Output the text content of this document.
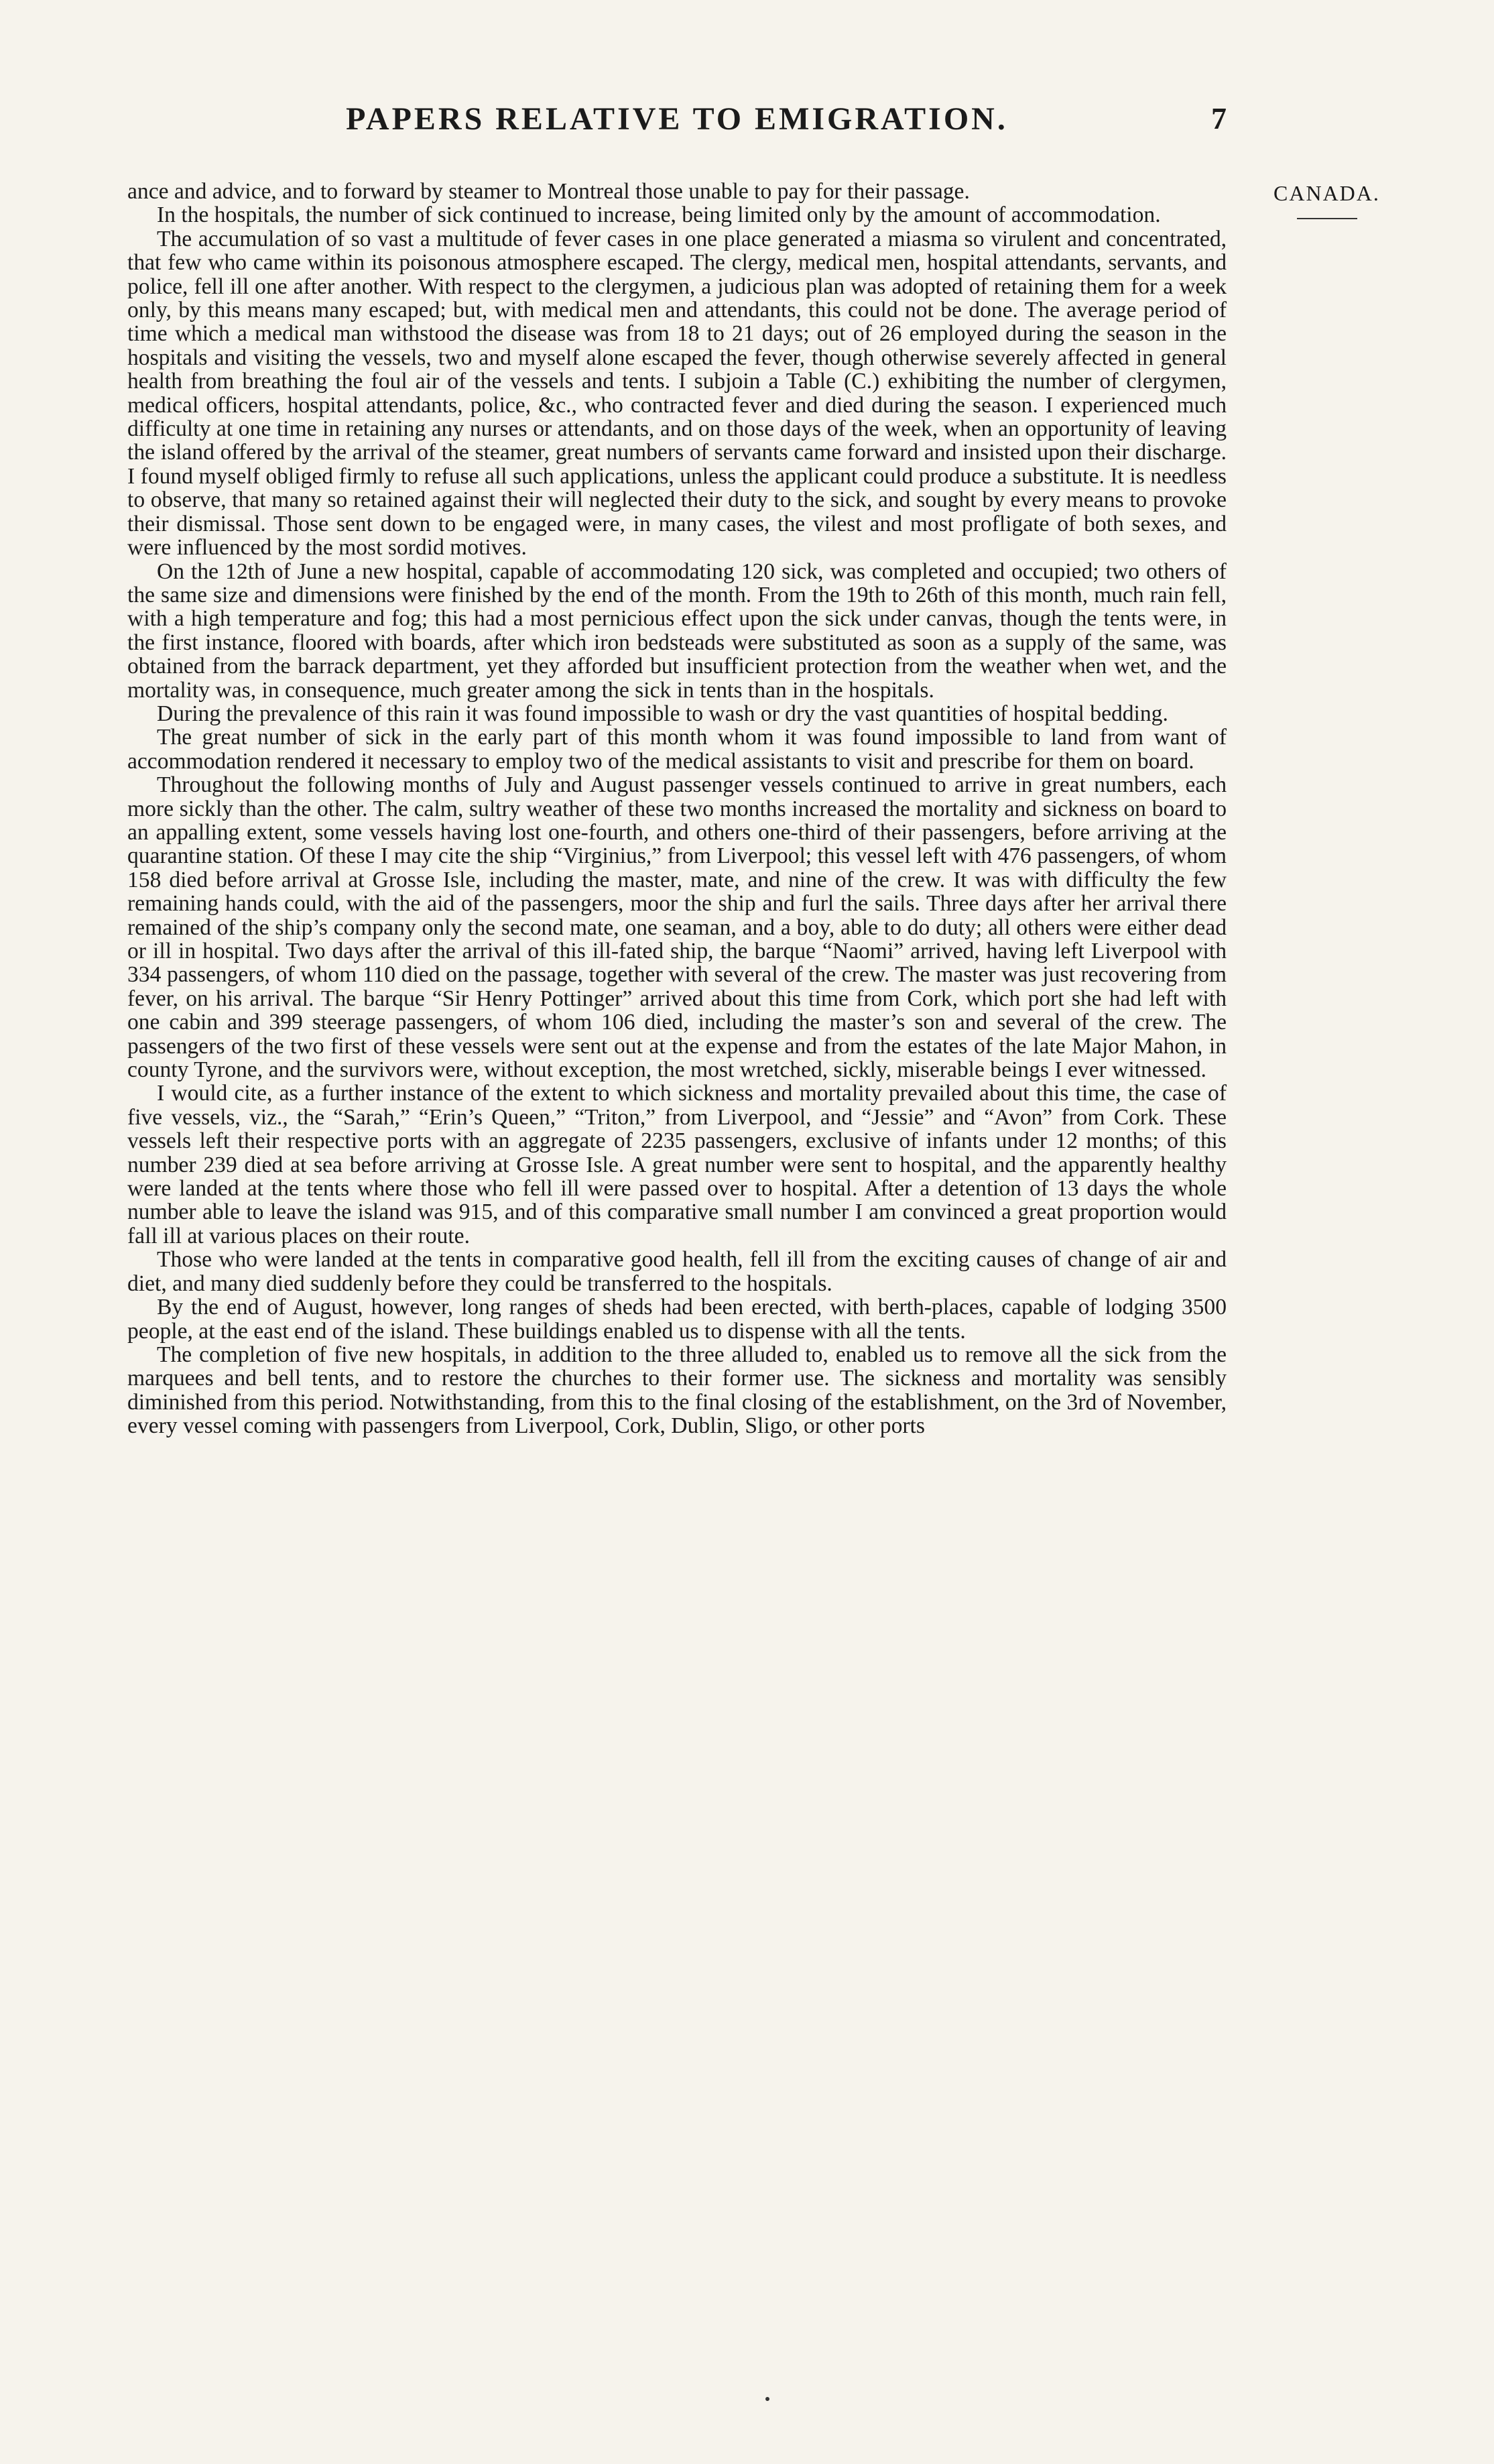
PAPERS RELATIVE TO EMIGRATION.	7
CANADA.

ance and advice, and to forward by steamer to Montreal those unable to pay for their passage.

In the hospitals, the number of sick continued to increase, being limited only by the amount of accommodation.

The accumulation of so vast a multitude of fever cases in one place generated a miasma so virulent and concentrated, that few who came within its poisonous atmosphere escaped. The clergy, medical men, hospital attendants, servants, and police, fell ill one after another. With respect to the clergymen, a judicious plan was adopted of retaining them for a week only, by this means many escaped; but, with medical men and attendants, this could not be done. The average period of time which a medical man withstood the disease was from 18 to 21 days; out of 26 employed during the season in the hospitals and visiting the vessels, two and myself alone escaped the fever, though otherwise severely affected in general health from breathing the foul air of the vessels and tents. I subjoin a Table (C.) exhibiting the number of clergymen, medical officers, hospital attendants, police, &c., who contracted fever and died during the season. I experienced much difficulty at one time in retaining any nurses or attendants, and on those days of the week, when an opportunity of leaving the island offered by the arrival of the steamer, great numbers of servants came forward and insisted upon their discharge. I found myself obliged firmly to refuse all such applications, unless the applicant could produce a substitute. It is needless to observe, that many so retained against their will neglected their duty to the sick, and sought by every means to provoke their dismissal. Those sent down to be engaged were, in many cases, the vilest and most profligate of both sexes, and were influenced by the most sordid motives.

On the 12th of June a new hospital, capable of accommodating 120 sick, was completed and occupied; two others of the same size and dimensions were finished by the end of the month. From the 19th to 26th of this month, much rain fell, with a high temperature and fog; this had a most pernicious effect upon the sick under canvas, though the tents were, in the first instance, floored with boards, after which iron bedsteads were substituted as soon as a supply of the same, was obtained from the barrack department, yet they afforded but insufficient protection from the weather when wet, and the mortality was, in consequence, much greater among the sick in tents than in the hospitals.

During the prevalence of this rain it was found impossible to wash or dry the vast quantities of hospital bedding.

The great number of sick in the early part of this month whom it was found impossible to land from want of accommodation rendered it necessary to employ two of the medical assistants to visit and prescribe for them on board.

Throughout the following months of July and August passenger vessels continued to arrive in great numbers, each more sickly than the other. The calm, sultry weather of these two months increased the mortality and sickness on board to an appalling extent, some vessels having lost one-fourth, and others one-third of their passengers, before arriving at the quarantine station. Of these I may cite the ship “Virginius,” from Liverpool; this vessel left with 476 passengers, of whom 158 died before arrival at Grosse Isle, including the master, mate, and nine of the crew. It was with difficulty the few remaining hands could, with the aid of the passengers, moor the ship and furl the sails. Three days after her arrival there remained of the ship’s company only the second mate, one seaman, and a boy, able to do duty; all others were either dead or ill in hospital. Two days after the arrival of this ill-fated ship, the barque “Naomi” arrived, having left Liverpool with 334 passengers, of whom 110 died on the passage, together with several of the crew. The master was just recovering from fever, on his arrival. The barque “Sir Henry Pottinger” arrived about this time from Cork, which port she had left with one cabin and 399 steerage passengers, of whom 106 died, including the master’s son and several of the crew. The passengers of the two first of these vessels were sent out at the expense and from the estates of the late Major Mahon, in county Tyrone, and the survivors were, without exception, the most wretched, sickly, miserable beings I ever witnessed.

I would cite, as a further instance of the extent to which sickness and mortality prevailed about this time, the case of five vessels, viz., the “Sarah,” “Erin’s Queen,” “Triton,” from Liverpool, and “Jessie” and “Avon” from Cork. These vessels left their respective ports with an aggregate of 2235 passengers, exclusive of infants under 12 months; of this number 239 died at sea before arriving at Grosse Isle. A great number were sent to hospital, and the apparently healthy were landed at the tents where those who fell ill were passed over to hospital. After a detention of 13 days the whole number able to leave the island was 915, and of this comparative small number I am convinced a great proportion would fall ill at various places on their route.

Those who were landed at the tents in comparative good health, fell ill from the exciting causes of change of air and diet, and many died suddenly before they could be transferred to the hospitals.

By the end of August, however, long ranges of sheds had been erected, with berth-places, capable of lodging 3500 people, at the east end of the island. These buildings enabled us to dispense with all the tents.

The completion of five new hospitals, in addition to the three alluded to, enabled us to remove all the sick from the marquees and bell tents, and to restore the churches to their former use. The sickness and mortality was sensibly diminished from this period. Notwithstanding, from this to the final closing of the establishment, on the 3rd of November, every vessel coming with passengers from Liverpool, Cork, Dublin, Sligo, or other ports
